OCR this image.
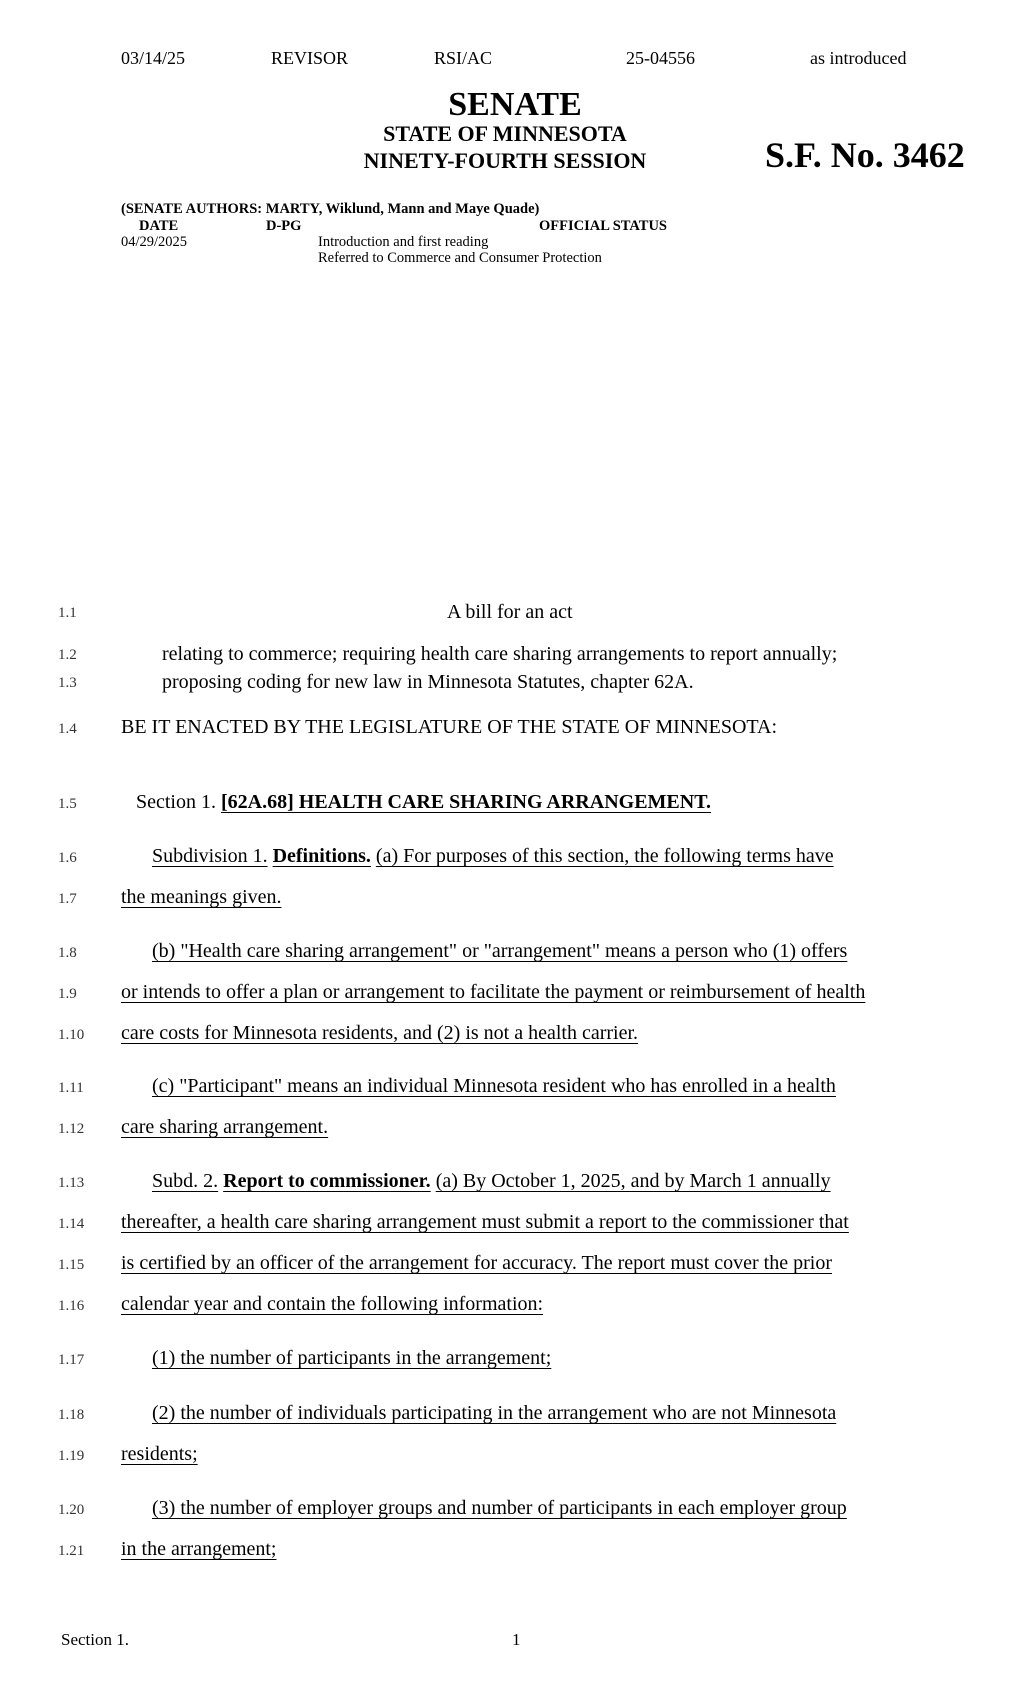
03/14/25	REVISOR	RSI/AC	25-04556	as introduced
SENATE
STATE OF MINNESOTA
NINETY-FOURTH SESSION	S.F. No. 3462
(SENATE AUTHORS: MARTY, Wiklund, Mann and Maye Quade)
DATE	D-PG	OFFICIAL STATUS
04/29/2025	Introduction and first reading
Referred to Commerce and Consumer Protection
1.1	A bill for an act
1.2	relating to commerce; requiring health care sharing arrangements to report annually;
1.3	proposing coding for new law in Minnesota Statutes, chapter 62A.
1.4 BE IT ENACTED BY THE LEGISLATURE OF THE STATE OF MINNESOTA:
1.5	Section 1. [62A.68] HEALTH CARE SHARING ARRANGEMENT.
1.6	Subdivision 1. Definitions. (a) For purposes of this section, the following terms have
1.7 the meanings given.
1.8	(b) "Health care sharing arrangement" or "arrangement" means a person who (1) offers
1.9 or intends to offer a plan or arrangement to facilitate the payment or reimbursement of health
1.10 care costs for Minnesota residents, and (2) is not a health carrier.
1.11	(c) "Participant" means an individual Minnesota resident who has enrolled in a health
1.12 care sharing arrangement.
1.13	Subd. 2. Report to commissioner. (a) By October 1, 2025, and by March 1 annually
1.14 thereafter, a health care sharing arrangement must submit a report to the commissioner that
1.15 is certified by an officer of the arrangement for accuracy. The report must cover the prior
1.16 calendar year and contain the following information:
1.17	(1) the number of participants in the arrangement;
1.18	(2) the number of individuals participating in the arrangement who are not Minnesota
1.19 residents;
1.20	(3) the number of employer groups and number of participants in each employer group
1.21 in the arrangement;
Section 1.	1
